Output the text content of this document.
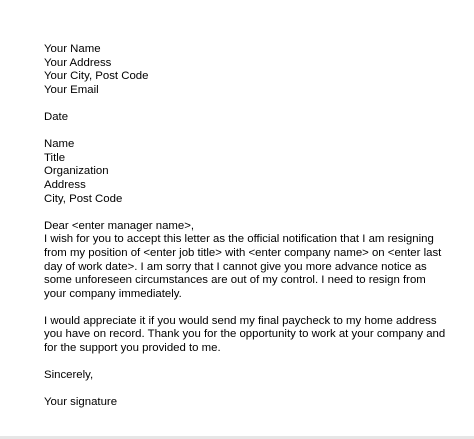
Your Name
Your Address
Your City, Post Code
Your Email
Date
Name
Title
Organization
Address
City, Post Code
Dear <enter manager name>,
I wish for you to accept this letter as the official notification that I am resigning
from my position of <enter job title> with <enter company name> on <enter last
day of work date>. I am sorry that I cannot give you more advance notice as
some unforeseen circumstances are out of my control. I need to resign from
your company immediately.
I would appreciate it if you would send my final paycheck to my home address
you have on record. Thank you for the opportunity to work at your company and
for the support you provided to me.
Sincerely,
Your signature
